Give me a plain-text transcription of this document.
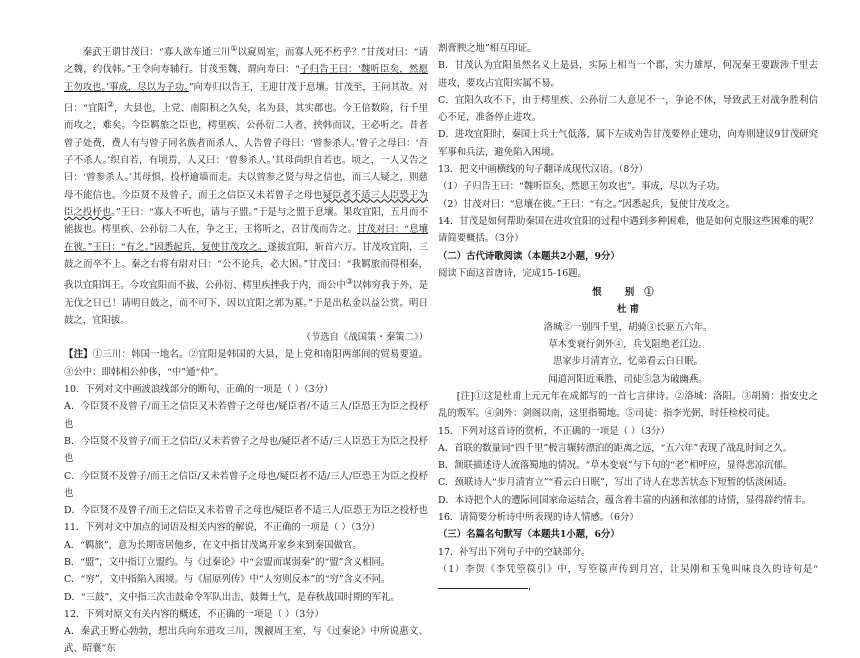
秦武王谓甘茂曰：“寡人欲车通三川①以窥周室，而寡人死不朽乎？”甘茂对曰：“请之魏，约伐韩。”王令向寿辅行。甘茂至魏，谓向寿曰：“子归告王曰：‘魏听臣矣，然愿王勿攻也。’事成，尽以为子功。”向寿归以告王，王迎甘茂于息壤。甘茂至，王问其故。对曰：“宜阳②，大县也，上党、南阳积之久矣，名为县，其实郡也。今王倍数险，行千里而攻之，难矣。今臣羁旅之臣也，樗里疾、公孙衍二人者，挟韩而议，王必听之。昔者曾子处费，费人有与曾子同名族者而杀人，人告曾子母曰：‘曾参杀人。’曾子之母曰：‘吾子不杀人。’织自若，有顷焉，人又曰：‘曾参杀人。’其母尚织自若也。顷之，一人又告之曰：‘曾参杀人。’其母惧，投杼逾墙而走。夫以曾参之贤与母之信也，而三人疑之，则慈母不能信也。今臣贤不及曾子，而王之信臣又未若曾子之母也疑臣者不适三人臣恐王为臣之投杼也。”王曰：“寡人不听也，请与子盟。”于是与之盟于息壤。果攻宜阳，五月而不能拔也。樗里疾、公孙衍二人在，争之王，王将听之，召甘茂而告之。甘茂对曰：“息壤在彼。”王曰：“有之。”因悉起兵，复使甘茂攻之。遂拔宜阳，斩首六万。甘茂攻宜阳，三鼓之而卒不上。秦之右将有尉对曰：“公不论兵，必大困。”甘茂曰：“我羁旅而得相秦，我以宜阳饵王。今攻宜阳而不拔，公孙衍、樗里疾挫我于内，而公中③以韩穷我于外，是无伐之日已！请明日鼓之，而不可下，因以宜阳之郭为墓。”于是出私金以益公赏。明日鼓之，宜阳拔。

（节选自《战国策・秦策二》）

【注】①三川：韩国一地名。②宜阳是韩国的大县，是上党和南阳两部间的贸易要道。③公中：即韩相公仲侈，“中”通“仲”。

10．下列对文中画波浪线部分的断句，正确的一项是（ ）（3分）

A．今臣贤不及曾子/而王之信臣又未若曾子之母也/疑臣者/不适三人/臣恐王为臣之投杼也

B．今臣贤不及曾子/而王之信臣/又未若曾子之母也/疑臣者不适/三人臣恐王为臣之投杼也

C．今臣贤不及曾子/而王之信臣/又未若曾子之母也/疑臣者不适/三人/臣恐王为臣之投杼也

D．今臣贤不及曾子/而王之信臣又未若曾子之母也/疑臣者不适三人/臣恐王为臣之投杼也

11．下列对文中加点的词语及相关内容的解说，不正确的一项是（ ）（3分）

A．“羁旅”，意为长期寄居他乡，在文中指甘茂离开家乡来到秦国做官。

B．“盟”，文中指订立盟约。与《过秦论》中“会盟而谋弱秦”的“盟”含义相同。

C．“穷”，文中指陷入困境。与《屈原列传》中“人穷则反本”的“穷”含义不同。

D．“三鼓”，文中指三次击鼓命令军队出击，鼓舞士气，是春秋战国时期的军礼。

12．下列对原文有关内容的概述，不正确的一项是（ ）（3分）

A．秦武王野心勃勃，想出兵向东进攻三川，觊觎周王室，与《过秦论》中所说惠文、武、昭襄“东

割膏腴之地”相互印证。

B．甘茂认为宜阳虽然名义上是县，实际上相当一个郡，实力雄厚，何况秦王要跋涉千里去进攻，要攻占宜阳实属不易。

C．宜阳久攻不下，由于樗里疾、公孙衍二人意见不一，争论不休，导致武王对战争胜利信心不足，准备停止进攻。

D．进攻宜阳时，秦国士兵士气低落，属下左成劝告甘茂要停止建功，向寿则建议9甘茂研究军事和兵法，避免陷入困境。

13．把文中画横线的句子翻译成现代汉语。（8分）

（1）子归告王曰：“魏听臣矣，然愿王勿攻也”。事成，尽以为子功。

（2）甘茂对曰：“息壤在彼。”王曰：“有之。”因悉起兵，复使甘茂攻之。

14．甘茂是如何帮助秦国在进攻宜阳的过程中遇到多种困难，他是如何克服这些困难的呢？请简要概括。（3分）

（二）古代诗歌阅读（本题共2小题，9分）

阅读下面这首唐诗，完成15-16题。

恨 别①

杜 甫

洛城②一别四千里，胡骑③长驱五六年。

草木变衰行剑外④，兵戈阻绝老江边。

思家步月清宵立，忆弟看云白日眠。

闻道河阳近乘胜，司徒⑤急为破幽燕。

[注]①这是杜甫上元元年在成都写的一首七言律诗。②洛城：洛阳。③胡骑：指安史之乱的叛军。④剑外：剑阁以南，这里指蜀地。⑤司徒：指李光弼，时任检校司徒。

15．下列对这首诗的赏析，不正确的一项是（ ）（3分）

A．首联的数量词“四千里”极言辗转漂泊的距离之远，“五六年”表现了战乱时间之久。

B．颔联描述诗人流落蜀地的情况。“草木变衰”与下句的“老”相呼应，显得悲凉沉郁。

C．颈联诗人“步月清宵立”“看云白日眠”，写出了诗人在悲苦状态下短暂的恬淡闲适。

D．本诗把个人的遭际同国家命运结合，蕴含着丰富的内涵和浓郁的诗情，显得辞约情丰。

16．请简要分析诗中所表现的诗人情感。（6分）

（三）名篇名句默写（本题共1小题，6分）

17．补写出下列句子中的空缺部分。

（1）李贺《李凭箜篌引》中，写箜篌声传到月宫，让吴刚和玉兔叫味良久的诗句是“，
